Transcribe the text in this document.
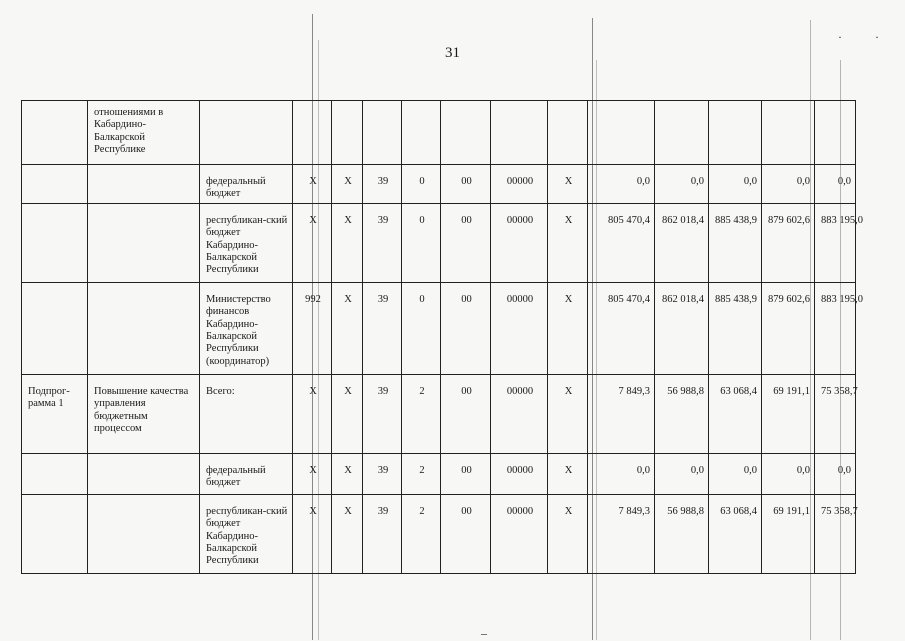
31
·	·
–
	отношениями в Кабардино-Балкарской Республике													
		федеральный бюджет	X	X	39	0	00	00000	X	0,0	0,0	0,0	0,0	0,0
		республикан-ский бюджет Кабардино-Балкарской Республики	X	X	39	0	00	00000	X	805 470,4	862 018,4	885 438,9	879 602,6	883 195,0
		Министерство финансов Кабардино-Балкарской Республики (координатор)	992	X	39	0	00	00000	X	805 470,4	862 018,4	885 438,9	879 602,6	883 195,0
Подпрог-рамма 1	Повышение качества управления бюджетным процессом	Всего:	X	X	39	2	00	00000	X	7 849,3	56 988,8	63 068,4	69 191,1	75 358,7
		федеральный бюджет	X	X	39	2	00	00000	X	0,0	0,0	0,0	0,0	0,0
		республикан-ский бюджет Кабардино-Балкарской Республики	X	X	39	2	00	00000	X	7 849,3	56 988,8	63 068,4	69 191,1	75 358,7
